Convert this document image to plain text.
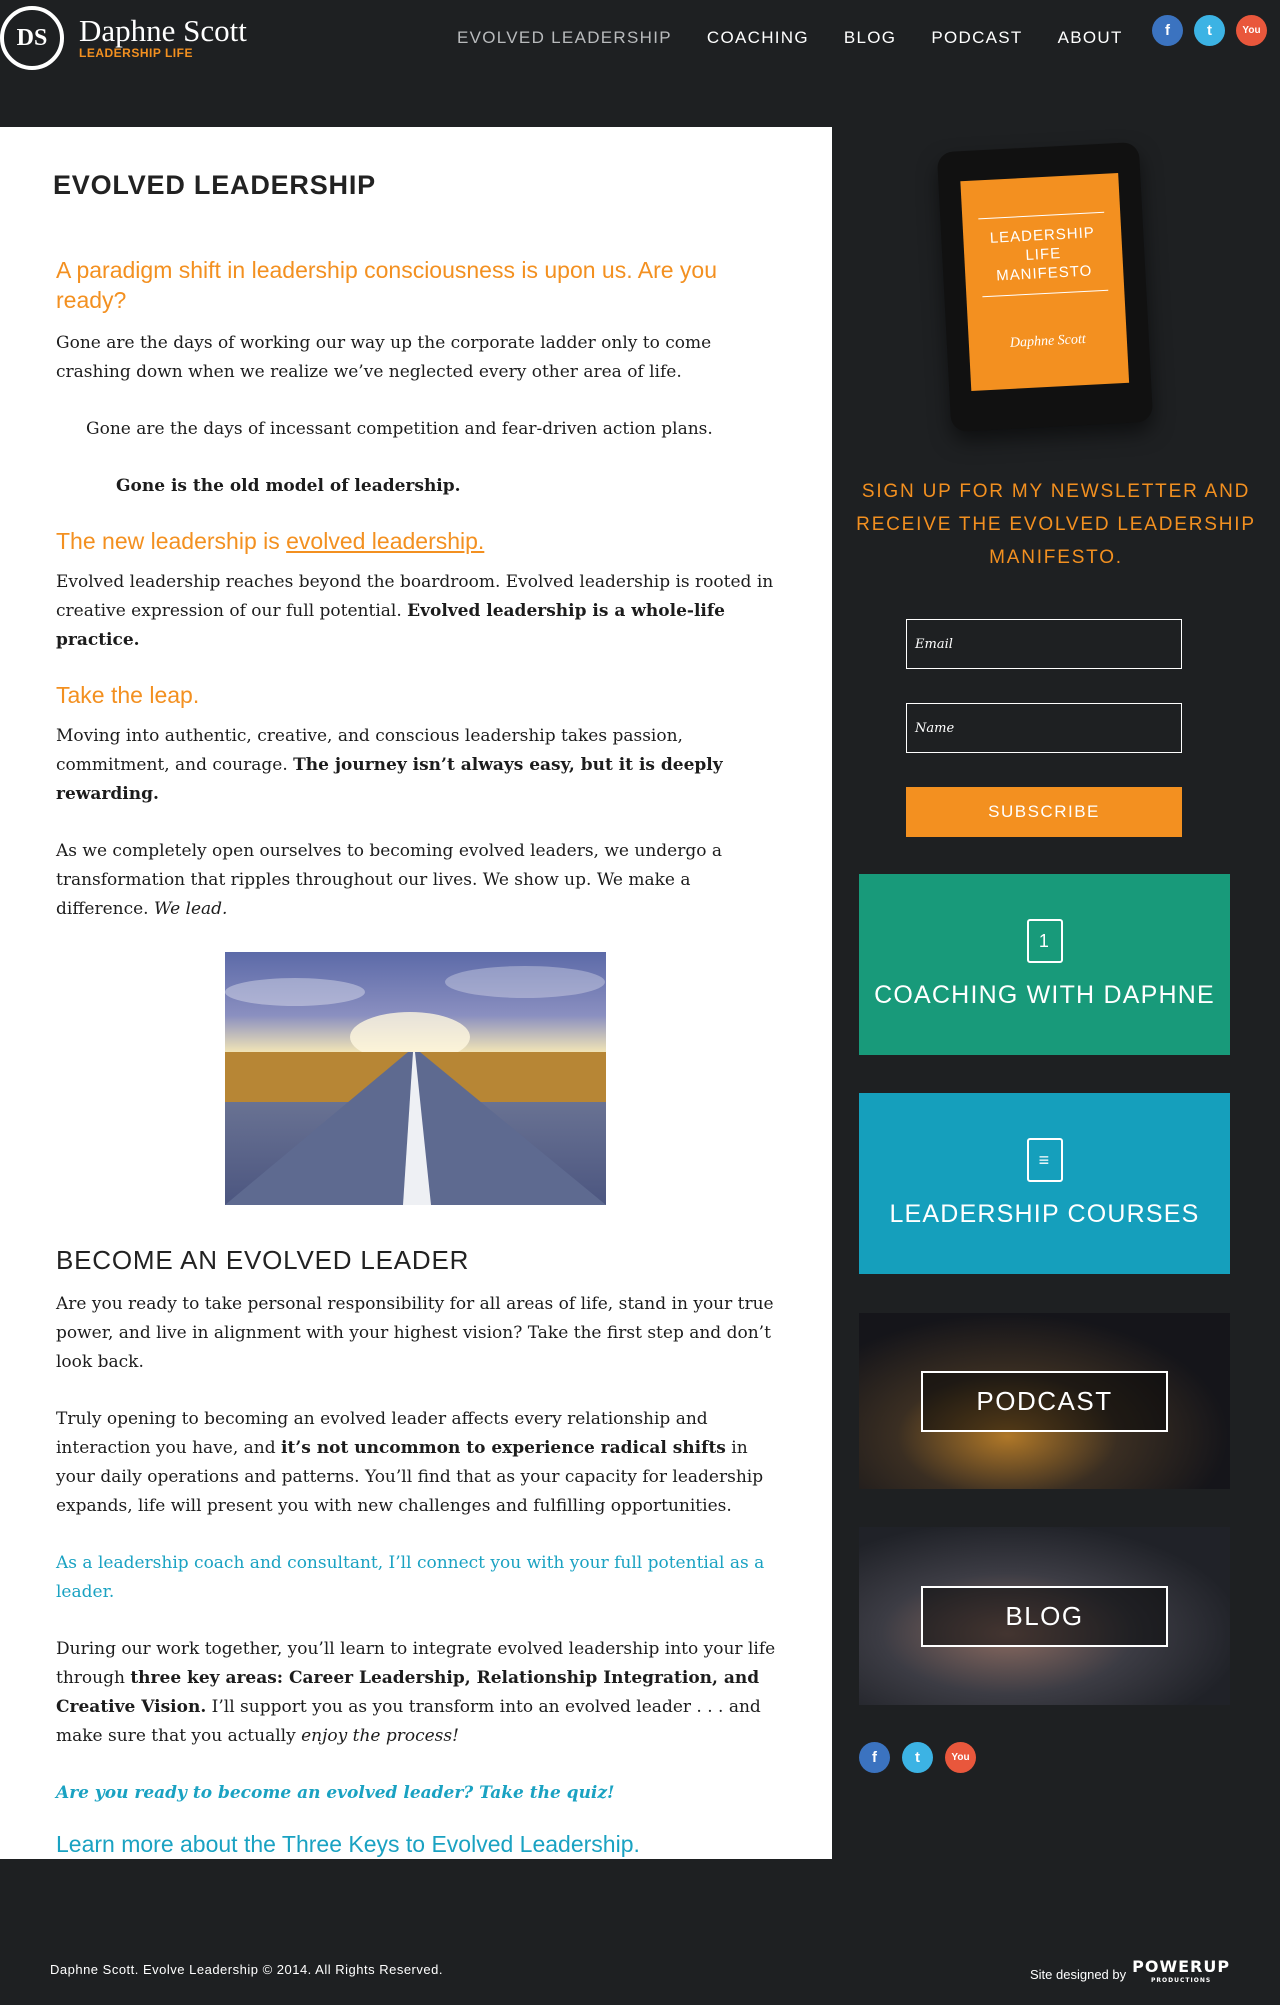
DS	Daphne Scott
LEADERSHIP LIFE
EVOLVED LEADERSHIP COACHING BLOG PODCAST ABOUT	f	t	You
EVOLVED LEADERSHIP
A paradigm shift in leadership consciousness is upon us. Are you ready?

Gone are the days of working our way up the corporate ladder only to come crashing down when we realize we’ve neglected every other area of life.

Gone are the days of incessant competition and fear-driven action plans.

Gone is the old model of leadership.

The new leadership is evolved leadership.

Evolved leadership reaches beyond the boardroom. Evolved leadership is rooted in creative expression of our full potential. Evolved leadership is a whole-life practice.

Take the leap.

Moving into authentic, creative, and conscious leadership takes passion, commitment, and courage. The journey isn’t always easy, but it is deeply rewarding.

As we completely open ourselves to becoming evolved leaders, we undergo a transformation that ripples throughout our lives. We show up. We make a difference. We lead.

BECOME AN EVOLVED LEADER

Are you ready to take personal responsibility for all areas of life, stand in your true power, and live in alignment with your highest vision? Take the first step and don’t look back.

Truly opening to becoming an evolved leader affects every relationship and interaction you have, and it’s not uncommon to experience radical shifts in your daily operations and patterns. You’ll find that as your capacity for leadership expands, life will present you with new challenges and fulfilling opportunities.

As a leadership coach and consultant, I’ll connect you with your full potential as a leader.

During our work together, you’ll learn to integrate evolved leadership into your life through three key areas: Career Leadership, Relationship Integration, and Creative Vision. I’ll support you as you transform into an evolved leader . . . and make sure that you actually enjoy the process!

Are you ready to become an evolved leader? Take the quiz!

Learn more about the Three Keys to Evolved Leadership.

LEADERSHIP LIFE MANIFESTO
Daphne Scott
SIGN UP FOR MY NEWSLETTER AND RECEIVE THE EVOLVED LEADERSHIP MANIFESTO.
Email
Name
SUBSCRIBE
1
COACHING WITH DAPHNE
≡
LEADERSHIP COURSES
PODCAST
BLOG
f	t	You
Daphne Scott. Evolve Leadership © 2014. All Rights Reserved.	Site designed by POWERUP
PRODUCTIONS
